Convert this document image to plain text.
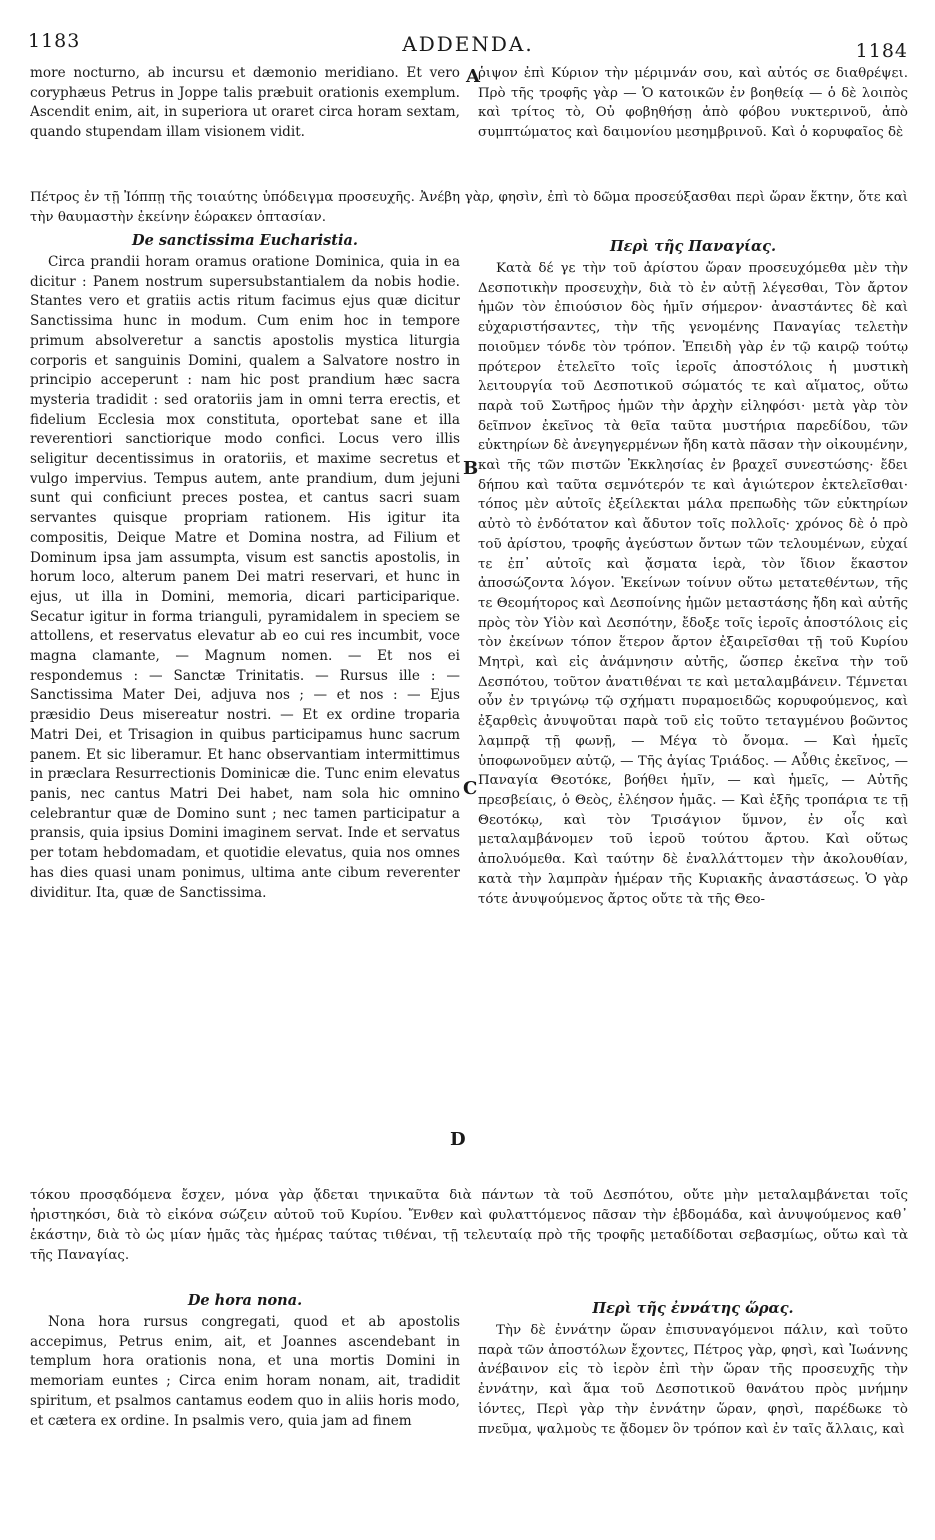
1183	ADDENDA.	1184

more nocturno, ab incursu et dæmonio meridiano. Et vero coryphæus Petrus in Joppe talis præbuit orationis exemplum. Ascendit enim, ait, in superiora ut oraret circa horam sextam, quando stupendam illam visionem vidit.

ῥιψον ἐπὶ Κύριον τὴν μέριμνάν σου, καὶ αὐτός σε διαθρέψει. Πρὸ τῆς τροφῆς γὰρ — Ὁ κατοικῶν ἐν βοηθείᾳ — ὁ δὲ λοιπὸς καὶ τρίτος τὸ, Οὐ φοβηθήσῃ ἀπὸ φόβου νυκτερινοῦ, ἀπὸ συμπτώματος καὶ δαιμονίου μεσημβρινοῦ. Καὶ ὁ κορυφαῖος δὲ

Πέτρος ἐν τῇ Ἰόππῃ τῆς τοιαύτης ὑπόδειγμα προσευχῆς. Ἀνέβη γὰρ, φησὶν, ἐπὶ τὸ δῶμα προσεύξασθαι περὶ ὥραν ἕκτην, ὅτε καὶ τὴν θαυμαστὴν ἐκείνην ἑώρακεν ὀπτασίαν.

De sanctissima Eucharistia.

Circa prandii horam oramus oratione Dominica, quia in ea dicitur : Panem nostrum supersubstantialem da nobis hodie. Stantes vero et gratiis actis ritum facimus ejus quæ dicitur Sanctissima hunc in modum. Cum enim hoc in tempore primum absolveretur a sanctis apostolis mystica liturgia corporis et sanguinis Domini, qualem a Salvatore nostro in principio acceperunt : nam hic post prandium hæc sacra mysteria tradidit : sed oratoriis jam in omni terra erectis, et fidelium Ecclesia mox constituta, oportebat sane et illa reverentiori sanctiorique modo confici. Locus vero illis seligitur decentissimus in oratoriis, et maxime secretus et vulgo impervius. Tempus autem, ante prandium, dum jejuni sunt qui conficiunt preces postea, et cantus sacri suam servantes quisque propriam rationem. His igitur ita compositis, Deique Matre et Domina nostra, ad Filium et Dominum ipsa jam assumpta, visum est sanctis apostolis, in horum loco, alterum panem Dei matri reservari, et hunc in ejus, ut illa in Domini, memoria, dicari participarique. Secatur igitur in forma trianguli, pyramidalem in speciem se attollens, et reservatus elevatur ab eo cui res incumbit, voce magna clamante, — Magnum nomen. — Et nos ei respondemus : — Sanctæ Trinitatis. — Rursus ille : — Sanctissima Mater Dei, adjuva nos ; — et nos : — Ejus præsidio Deus misereatur nostri. — Et ex ordine troparia Matri Dei, et Trisagion in quibus participamus hunc sacrum panem. Et sic liberamur. Et hanc observantiam intermittimus in præclara Resurrectionis Dominicæ die. Tunc enim elevatus panis, nec cantus Matri Dei habet, nam sola hic omnino celebrantur quæ de Domino sunt ; nec tamen participatur a pransis, quia ipsius Domini imaginem servat. Inde et servatus per totam hebdomadam, et quotidie elevatus, quia nos omnes has dies quasi unam ponimus, ultima ante cibum reverenter dividitur. Ita, quæ de Sanctissima.

Περὶ τῆς Παναγίας.

Κατὰ δέ γε τὴν τοῦ ἀρίστου ὥραν προσευχόμεθα μὲν τὴν Δεσποτικὴν προσευχὴν, διὰ τὸ ἐν αὐτῇ λέγεσθαι, Τὸν ἄρτον ἡμῶν τὸν ἐπιούσιον δὸς ἡμῖν σήμερον· ἀναστάντες δὲ καὶ εὐχαριστήσαντες, τὴν τῆς γενομένης Παναγίας τελετὴν ποιοῦμεν τόνδε τὸν τρόπον. Ἐπειδὴ γὰρ ἐν τῷ καιρῷ τούτῳ πρότερον ἐτελεῖτο τοῖς ἱεροῖς ἀποστόλοις ἡ μυστικὴ λειτουργία τοῦ Δεσποτικοῦ σώματός τε καὶ αἵματος, οὕτω παρὰ τοῦ Σωτῆρος ἡμῶν τὴν ἀρχὴν εἰληφόσι· μετὰ γὰρ τὸν δεῖπνον ἐκεῖνος τὰ θεῖα ταῦτα μυστήρια παρεδίδου, τῶν εὐκτηρίων δὲ ἀνεγηγερμένων ἤδη κατὰ πᾶσαν τὴν οἰκουμένην, καὶ τῆς τῶν πιστῶν Ἐκκλησίας ἐν βραχεῖ συνεστώσης· ἔδει δήπου καὶ ταῦτα σεμνότερόν τε καὶ ἁγιώτερον ἐκτελεῖσθαι· τόπος μὲν αὐτοῖς ἐξείλεκται μάλα πρεπωδὴς τῶν εὐκτηρίων αὐτὸ τὸ ἐνδότατον καὶ ἄδυτον τοῖς πολλοῖς· χρόνος δὲ ὁ πρὸ τοῦ ἀρίστου, τροφῆς ἀγεύστων ὄντων τῶν τελουμένων, εὐχαί τε ἐπ᾽ αὐτοῖς καὶ ᾄσματα ἱερὰ, τὸν ἴδιον ἕκαστον ἀποσώζοντα λόγον. Ἐκείνων τοίνυν οὕτω μετατεθέντων, τῆς τε Θεομήτορος καὶ Δεσποίνης ἡμῶν μεταστάσης ἤδη καὶ αὐτῆς πρὸς τὸν Υἱὸν καὶ Δεσπότην, ἔδοξε τοῖς ἱεροῖς ἀποστόλοις εἰς τὸν ἐκείνων τόπον ἕτερον ἄρτον ἐξαιρεῖσθαι τῇ τοῦ Κυρίου Μητρὶ, καὶ εἰς ἀνάμνησιν αὐτῆς, ὥσπερ ἐκεῖνα τὴν τοῦ Δεσπότου, τοῦτον ἀνατιθέναι τε καὶ μεταλαμβάνειν. Τέμνεται οὖν ἐν τριγώνῳ τῷ σχήματι πυραμοειδῶς κορυφούμενος, καὶ ἐξαρθεὶς ἀνυψοῦται παρὰ τοῦ εἰς τοῦτο τεταγμένου βοῶντος λαμπρᾷ τῇ φωνῇ, — Μέγα τὸ ὄνομα. — Καὶ ἡμεῖς ὑποφωνοῦμεν αὐτῷ, — Τῆς ἁγίας Τριάδος. — Αὖθις ἐκεῖνος, — Παναγία Θεοτόκε, βοήθει ἡμῖν, — καὶ ἡμεῖς, — Αὐτῆς πρεσβείαις, ὁ Θεὸς, ἐλέησον ἡμᾶς. — Καὶ ἑξῆς τροπάρια τε τῇ Θεοτόκῳ, καὶ τὸν Τρισάγιον ὕμνον, ἐν οἷς καὶ μεταλαμβάνομεν τοῦ ἱεροῦ τούτου ἄρτου. Καὶ οὕτως ἀπολυόμεθα. Καὶ ταύτην δὲ ἐναλλάττομεν τὴν ἀκολουθίαν, κατὰ τὴν λαμπρὰν ἡμέραν τῆς Κυριακῆς ἀναστάσεως. Ὁ γὰρ τότε ἀνυψούμενος ἄρτος οὔτε τὰ τῆς Θεο-

τόκου προσᾳδόμενα ἔσχεν, μόνα γὰρ ᾄδεται τηνικαῦτα διὰ πάντων τὰ τοῦ Δεσπότου, οὔτε μὴν μεταλαμβάνεται τοῖς ἠριστηκόσι, διὰ τὸ εἰκόνα σώζειν αὐτοῦ τοῦ Κυρίου. Ἔνθεν καὶ φυλαττόμενος πᾶσαν τὴν ἑβδομάδα, καὶ ἀνυψούμενος καθ᾽ ἑκάστην, διὰ τὸ ὡς μίαν ἡμᾶς τὰς ἡμέρας ταύτας τιθέναι, τῇ τελευταίᾳ πρὸ τῆς τροφῆς μεταδίδοται σεβασμίως, οὕτω καὶ τὰ τῆς Παναγίας.

De hora nona.

Nona hora rursus congregati, quod et ab apostolis accepimus, Petrus enim, ait, et Joannes ascendebant in templum hora orationis nona, et una mortis Domini in memoriam euntes ; Circa enim horam nonam, ait, tradidit spiritum, et psalmos cantamus eodem quo in aliis horis modo, et cætera ex ordine. In psalmis vero, quia jam ad finem

Περὶ τῆς ἐννάτης ὥρας.

Τὴν δὲ ἐννάτην ὥραν ἐπισυναγόμενοι πάλιν, καὶ τοῦτο παρὰ τῶν ἀποστόλων ἔχοντες, Πέτρος γὰρ, φησὶ, καὶ Ἰωάννης ἀνέβαινον εἰς τὸ ἱερὸν ἐπὶ τὴν ὥραν τῆς προσευχῆς τὴν ἐννάτην, καὶ ἅμα τοῦ Δεσποτικοῦ θανάτου πρὸς μνήμην ἰόντες, Περὶ γὰρ τὴν ἐννάτην ὥραν, φησὶ, παρέδωκε τὸ πνεῦμα, ψαλμοὺς τε ᾄδομεν ὃν τρόπον καὶ ἐν ταῖς ἄλλαις, καὶ

A
B
C
D
